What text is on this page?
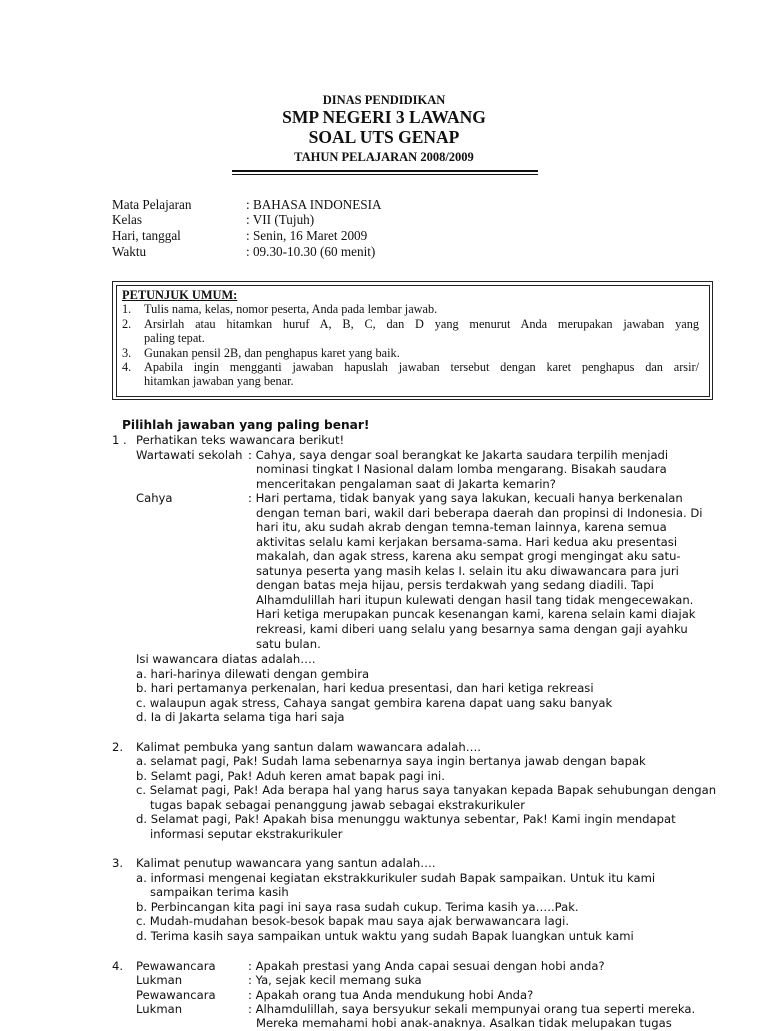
DINAS PENDIDIKAN
SMP NEGERI 3 LAWANG
SOAL UTS GENAP
TAHUN PELAJARAN 2008/2009
Mata Pelajaran	: BAHASA INDONESIA
Kelas	: VII (Tujuh)
Hari, tanggal	: Senin, 16 Maret 2009
Waktu	: 09.30-10.30 (60 menit)
PETUNJUK UMUM:
1. Tulis nama, kelas, nomor peserta, Anda pada lembar jawab.
2. Arsirlah atau hitamkan huruf A, B, C, dan D yang menurut Anda merupakan jawaban yang
paling tepat.
3. Gunakan pensil 2B, dan penghapus karet yang baik.
4. Apabila ingin mengganti jawaban hapuslah jawaban tersebut dengan karet penghapus dan arsir/
hitamkan jawaban yang benar.
Pilihlah jawaban yang paling benar!
1 . Perhatikan teks wawancara berikut!
Wartawati sekolah : Cahya, saya dengar soal berangkat ke Jakarta saudara terpilih menjadi
nominasi tingkat I Nasional dalam lomba mengarang. Bisakah saudara
menceritakan pengalaman saat di Jakarta kemarin?
Cahya	: Hari pertama, tidak banyak yang saya lakukan, kecuali hanya berkenalan
dengan teman bari, wakil dari beberapa daerah dan propinsi di Indonesia. Di
hari itu, aku sudah akrab dengan temna-teman lainnya, karena semua
aktivitas selalu kami kerjakan bersama-sama. Hari kedua aku presentasi
makalah, dan agak stress, karena aku sempat grogi mengingat aku satu-
satunya peserta yang masih kelas I. selain itu aku diwawancara para juri
dengan batas meja hijau, persis terdakwah yang sedang diadili. Tapi
Alhamdulillah hari itupun kulewati dengan hasil tang tidak mengecewakan.
Hari ketiga merupakan puncak kesenangan kami, karena selain kami diajak
rekreasi, kami diberi uang selalu yang besarnya sama dengan gaji ayahku
satu bulan.
Isi wawancara diatas adalah….
a. hari-harinya dilewati dengan gembira
b. hari pertamanya perkenalan, hari kedua presentasi, dan hari ketiga rekreasi
c. walaupun agak stress, Cahaya sangat gembira karena dapat uang saku banyak
d. Ia di Jakarta selama tiga hari saja
2. Kalimat pembuka yang santun dalam wawancara adalah….
a. selamat pagi, Pak! Sudah lama sebenarnya saya ingin bertanya jawab dengan bapak
b. Selamt pagi, Pak! Aduh keren amat bapak pagi ini.
c. Selamat pagi, Pak! Ada berapa hal yang harus saya tanyakan kepada Bapak sehubungan dengan
tugas bapak sebagai penanggung jawab sebagai ekstrakurikuler
d. Selamat pagi, Pak! Apakah bisa menunggu waktunya sebentar, Pak! Kami ingin mendapat
informasi seputar ekstrakurikuler
3. Kalimat penutup wawancara yang santun adalah….
a. informasi mengenai kegiatan ekstrakkurikuler sudah Bapak sampaikan. Untuk itu kami
sampaikan terima kasih
b. Perbincangan kita pagi ini saya rasa sudah cukup. Terima kasih ya…..Pak.
c. Mudah-mudahan besok-besok bapak mau saya ajak berwawancara lagi.
d. Terima kasih saya sampaikan untuk waktu yang sudah Bapak luangkan untuk kami
4. Pewawancara	: Apakah prestasi yang Anda capai sesuai dengan hobi anda?
Lukman	: Ya, sejak kecil memang suka
Pewawancara	: Apakah orang tua Anda mendukung hobi Anda?
Lukman	: Alhamdulillah, saya bersyukur sekali mempunyai orang tua seperti mereka.
Mereka memahami hobi anak-anaknya. Asalkan tidak melupakan tugas
